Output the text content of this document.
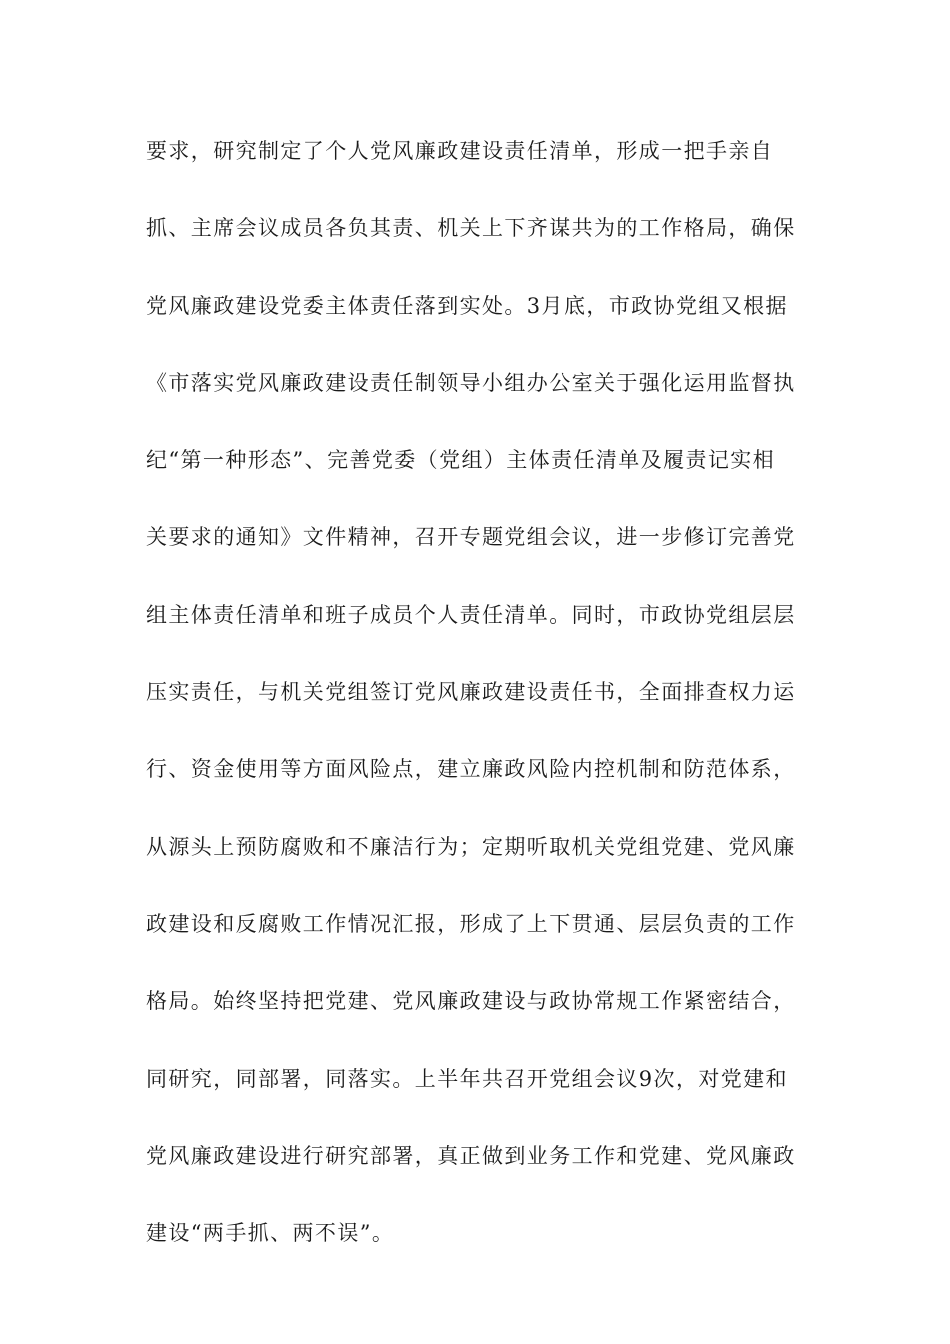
要求，研究制定了个人党风廉政建设责任清单，形成一把手亲自
抓、主席会议成员各负其责、机关上下齐谋共为的工作格局，确保
党风廉政建设党委主体责任落到实处。3月底，市政协党组又根据
《市落实党风廉政建设责任制领导小组办公室关于强化运用监督执
纪“第一种形态”、完善党委（党组）主体责任清单及履责记实相
关要求的通知》文件精神，召开专题党组会议，进一步修订完善党
组主体责任清单和班子成员个人责任清单。同时，市政协党组层层
压实责任，与机关党组签订党风廉政建设责任书，全面排查权力运
行、资金使用等方面风险点，建立廉政风险内控机制和防范体系，
从源头上预防腐败和不廉洁行为；定期听取机关党组党建、党风廉
政建设和反腐败工作情况汇报，形成了上下贯通、层层负责的工作
格局。始终坚持把党建、党风廉政建设与政协常规工作紧密结合，
同研究，同部署，同落实。上半年共召开党组会议9次，对党建和
党风廉政建设进行研究部署，真正做到业务工作和党建、党风廉政
建设“两手抓、两不误”。
